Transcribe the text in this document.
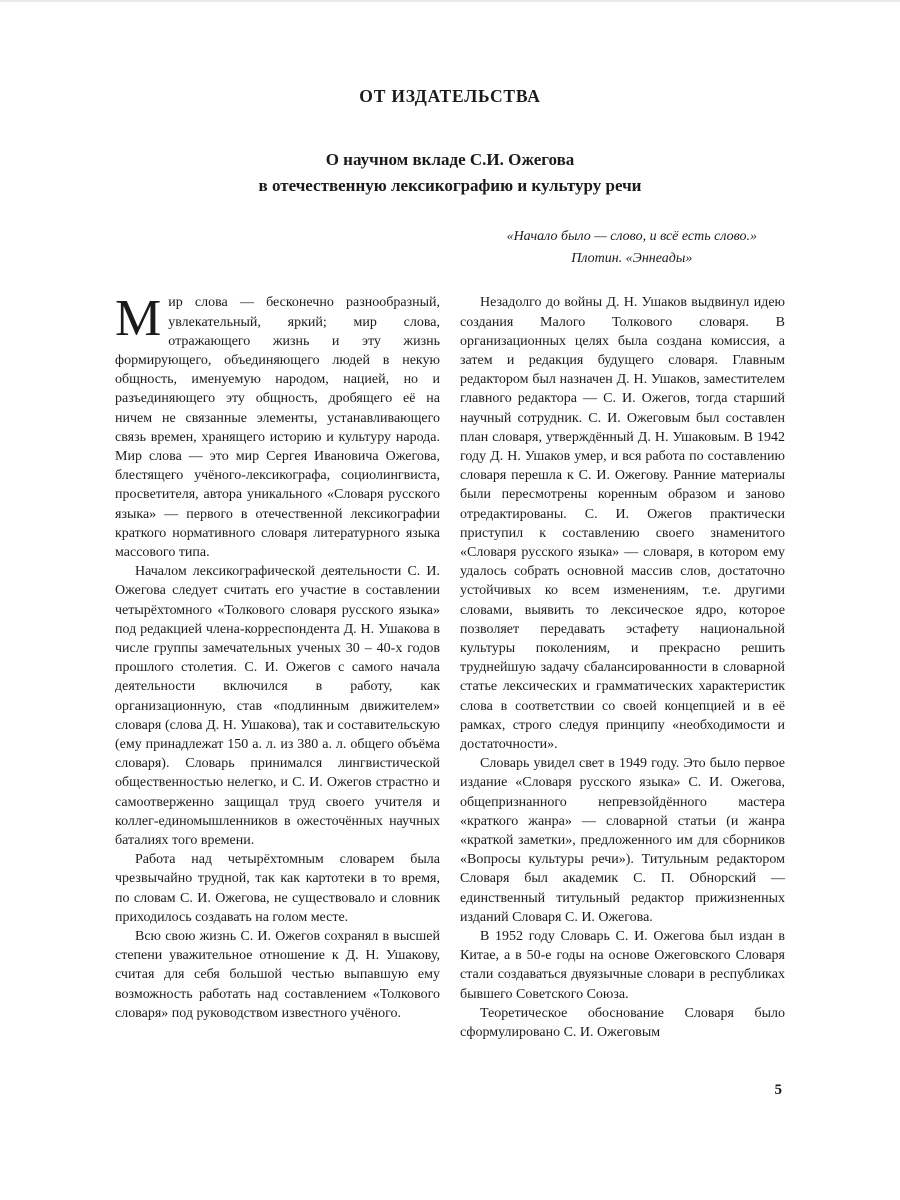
ОТ ИЗДАТЕЛЬСТВА
О научном вкладе С.И. Ожегова
в отечественную лексикографию и культуру речи
«Начало было — слово, и всё есть слово.»
Плотин. «Эннеады»

Мир слова — бесконечно разнообразный, увлекательный, яркий; мир слова, отражающего жизнь и эту жизнь формирующего, объединяющего людей в некую общность, именуемую народом, нацией, но и разъединяющего эту общность, дробящего её на ничем не связанные элементы, устанавливающего связь времен, хранящего историю и культуру народа. Мир слова — это мир Сергея Ивановича Ожегова, блестящего учёного-лексикографа, социолингвиста, просветителя, автора уникального «Словаря русского языка» — первого в отечественной лексикографии краткого нормативного словаря литературного языка массового типа.

Началом лексикографической деятельности С. И. Ожегова следует считать его участие в составлении четырёхтомного «Толкового словаря русского языка» под редакцией члена-корреспондента Д. Н. Ушакова в числе группы замечательных ученых 30 – 40-х годов прошлого столетия. С. И. Ожегов с самого начала деятельности включился в работу, как организационную, став «подлинным движителем» словаря (слова Д. Н. Ушакова), так и составительскую (ему принадлежат 150 а. л. из 380 а. л. общего объёма словаря). Словарь принимался лингвистической общественностью нелегко, и С. И. Ожегов страстно и самоотверженно защищал труд своего учителя и коллег-единомышленников в ожесточённых научных баталиях того времени.

Работа над четырёхтомным словарем была чрезвычайно трудной, так как картотеки в то время, по словам С. И. Ожегова, не существовало и словник приходилось создавать на голом месте.

Всю свою жизнь С. И. Ожегов сохранял в высшей степени уважительное отношение к Д. Н. Ушакову, считая для себя большой честью выпавшую ему возможность работать над составлением «Толкового словаря» под руководством известного учёного.

Незадолго до войны Д. Н. Ушаков выдвинул идею создания Малого Толкового словаря. В организационных целях была создана комиссия, а затем и редакция будущего словаря. Главным редактором был назначен Д. Н. Ушаков, заместителем главного редактора — С. И. Ожегов, тогда старший научный сотрудник. С. И. Ожеговым был составлен план словаря, утверждённый Д. Н. Ушаковым. В 1942 году Д. Н. Ушаков умер, и вся работа по составлению словаря перешла к С. И. Ожегову. Ранние материалы были пересмотрены коренным образом и заново отредактированы. С. И. Ожегов практически приступил к составлению своего знаменитого «Словаря русского языка» — словаря, в котором ему удалось собрать основной массив слов, достаточно устойчивых ко всем изменениям, т.е. другими словами, выявить то лексическое ядро, которое позволяет передавать эстафету национальной культуры поколениям, и прекрасно решить труднейшую задачу сбалансированности в словарной статье лексических и грамматических характеристик слова в соответствии со своей концепцией и в её рамках, строго следуя принципу «необходимости и достаточности».

Словарь увидел свет в 1949 году. Это было первое издание «Словаря русского языка» С. И. Ожегова, общепризнанного непревзойдённого мастера «краткого жанра» — словарной статьи (и жанра «краткой заметки», предложенного им для сборников «Вопросы культуры речи»). Титульным редактором Словаря был академик С. П. Обнорский — единственный титульный редактор прижизненных изданий Словаря С. И. Ожегова.

В 1952 году Словарь С. И. Ожегова был издан в Китае, а в 50-е годы на основе Ожеговского Словаря стали создаваться двуязычные словари в республиках бывшего Советского Союза.

Теоретическое обоснование Словаря было сформулировано С. И. Ожеговым

5
